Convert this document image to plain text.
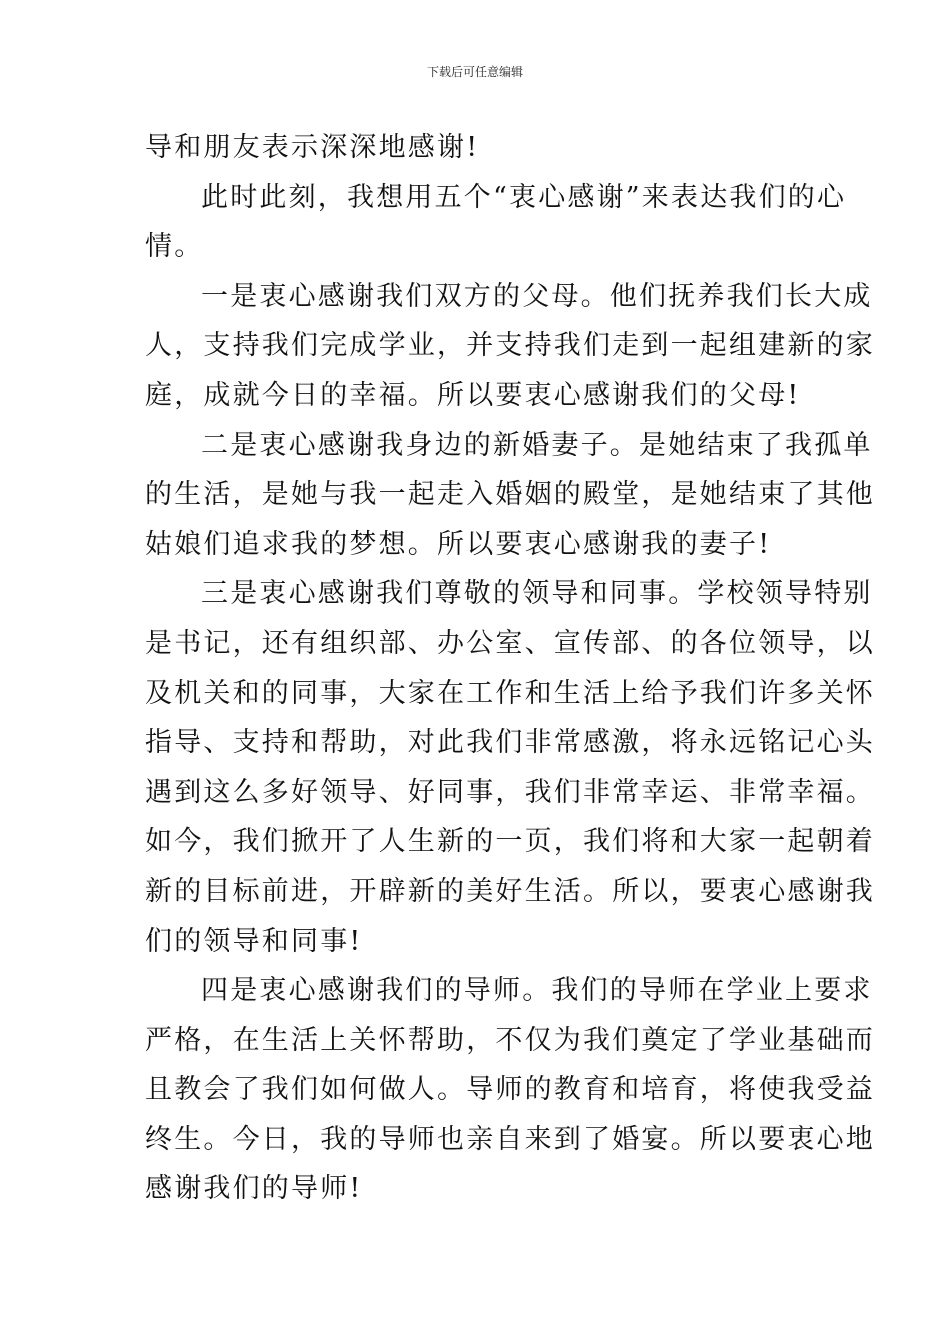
下载后可任意编辑
导和朋友表示深深地感谢!
此时此刻，我想用五个“衷心感谢”来表达我们的心
情。
一是衷心感谢我们双方的父母。他们抚养我们长大成
人，支持我们完成学业，并支持我们走到一起组建新的家
庭，成就今日的幸福。所以要衷心感谢我们的父母!
二是衷心感谢我身边的新婚妻子。是她结束了我孤单
的生活，是她与我一起走入婚姻的殿堂，是她结束了其他
姑娘们追求我的梦想。所以要衷心感谢我的妻子!
三是衷心感谢我们尊敬的领导和同事。学校领导特别
是书记，还有组织部、办公室、宣传部、的各位领导，以
及机关和的同事，大家在工作和生活上给予我们许多关怀
指导、支持和帮助，对此我们非常感激，将永远铭记心头
遇到这么多好领导、好同事，我们非常幸运、非常幸福。
如今，我们掀开了人生新的一页，我们将和大家一起朝着
新的目标前进，开辟新的美好生活。所以，要衷心感谢我
们的领导和同事!
四是衷心感谢我们的导师。我们的导师在学业上要求
严格，在生活上关怀帮助，不仅为我们奠定了学业基础而
且教会了我们如何做人。导师的教育和培育，将使我受益
终生。今日，我的导师也亲自来到了婚宴。所以要衷心地
感谢我们的导师!
